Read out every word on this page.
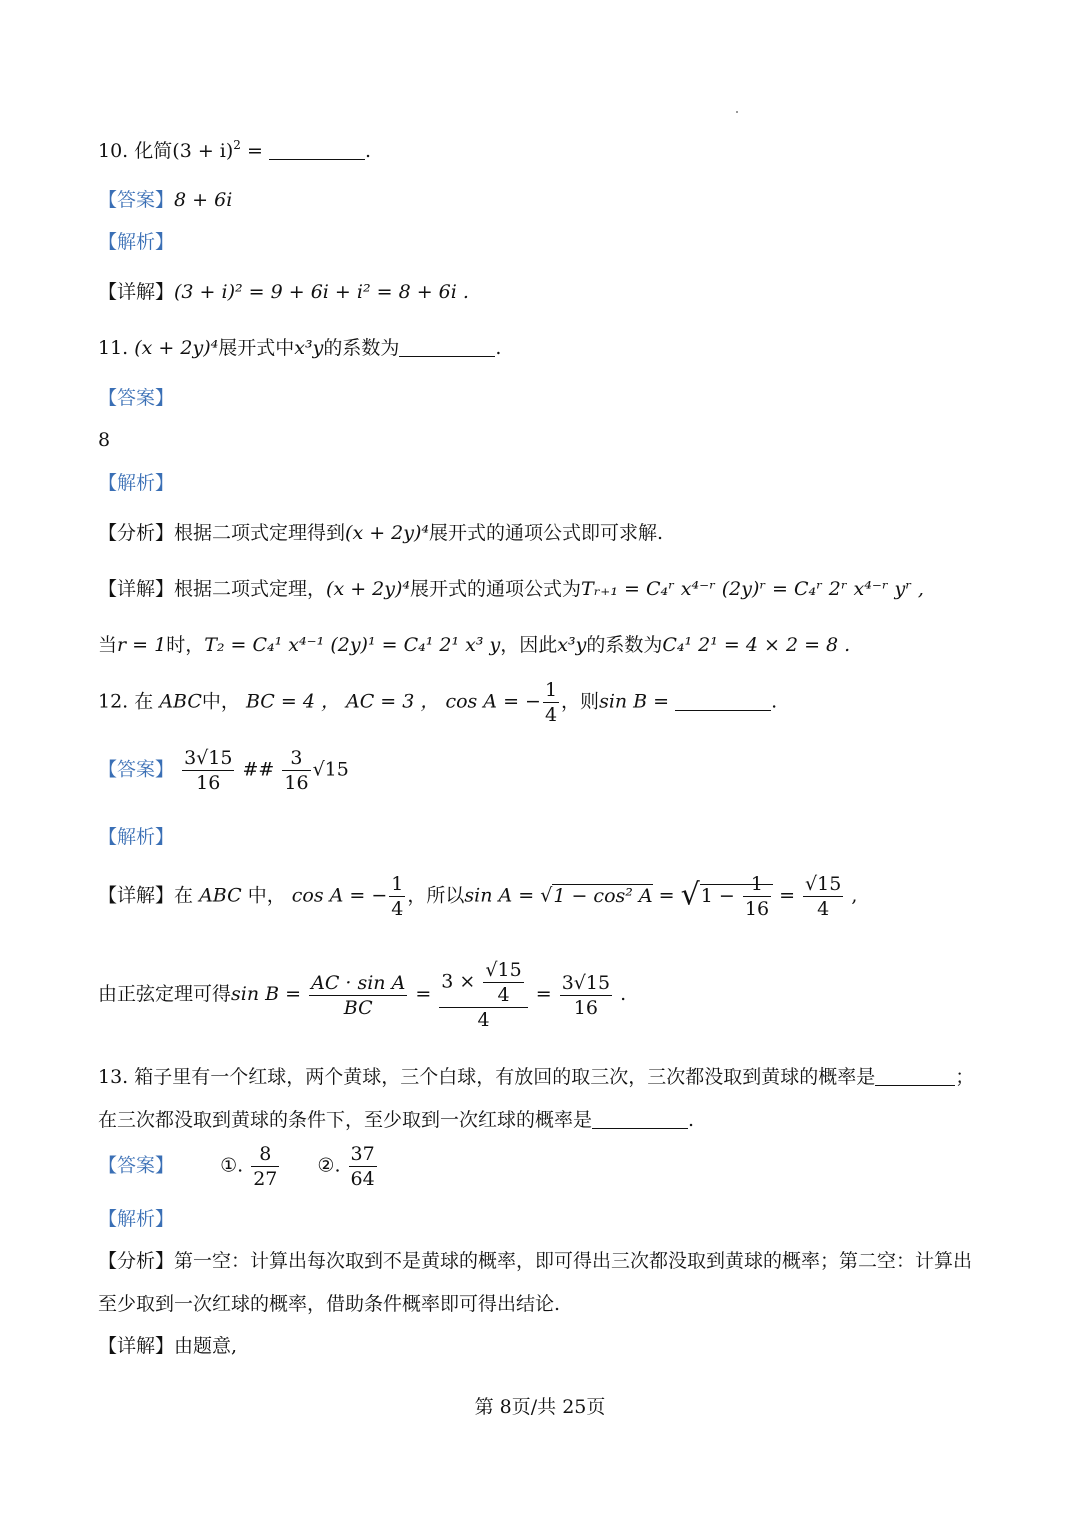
10. 化简$(3 + i)^2$ =	.
【答案】8 + 6i
【解析】
【详解】(3 + i)² = 9 + 6i + i² = 8 + 6i .
11. (x + 2y)⁴展开式中x³y的系数为	.
【答案】
8
【解析】
【分析】根据二项式定理得到(x + 2y)⁴展开式的通项公式即可求解.
【详解】根据二项式定理，(x + 2y)⁴展开式的通项公式为Tᵣ₊₁ = C₄ʳ x⁴⁻ʳ (2y)ʳ = C₄ʳ 2ʳ x⁴⁻ʳ yʳ ,
当r = 1时，T₂ = C₄¹ x⁴⁻¹ (2y)¹ = C₄¹ 2¹ x³ y，因此x³y的系数为C₄¹ 2¹ = 4 × 2 = 8 .
12. 在 ABC中， BC = 4 ， AC = 3 ， cos A = − $\frac{1}{4}$ ，则sin B =	.
【答案】 $\frac{3√15}{16}$ ## $\frac{3}{16} √15$
【解析】
【详解】在 ABC 中， cos A = − $\frac{1}{4}$ ，所以sin A = √1 − cos² $A = √1 - \frac{1}{16} = \frac{√15}{4}$ ,
由正弦定理可得$\sin B = \frac{\text{AC · sin A}}{BC} = \frac{3 \times \frac{√15}{4}}{4} = \frac{3√15}{16}$ .
13. 箱子里有一个红球，两个黄球，三个白球，有放回的取三次，三次都没取到黄球的概率是	；
在三次都没取到黄球的条件下，至少取到一次红球的概率是	.
【答案】 ①. $\frac{8}{27}$ ②. $\frac{37}{64}$
【解析】
【分析】第一空：计算出每次取到不是黄球的概率，即可得出三次都没取到黄球的概率；第二空：计算出
至少取到一次红球的概率，借助条件概率即可得出结论.
【详解】由题意,
第 8页/共 25页
